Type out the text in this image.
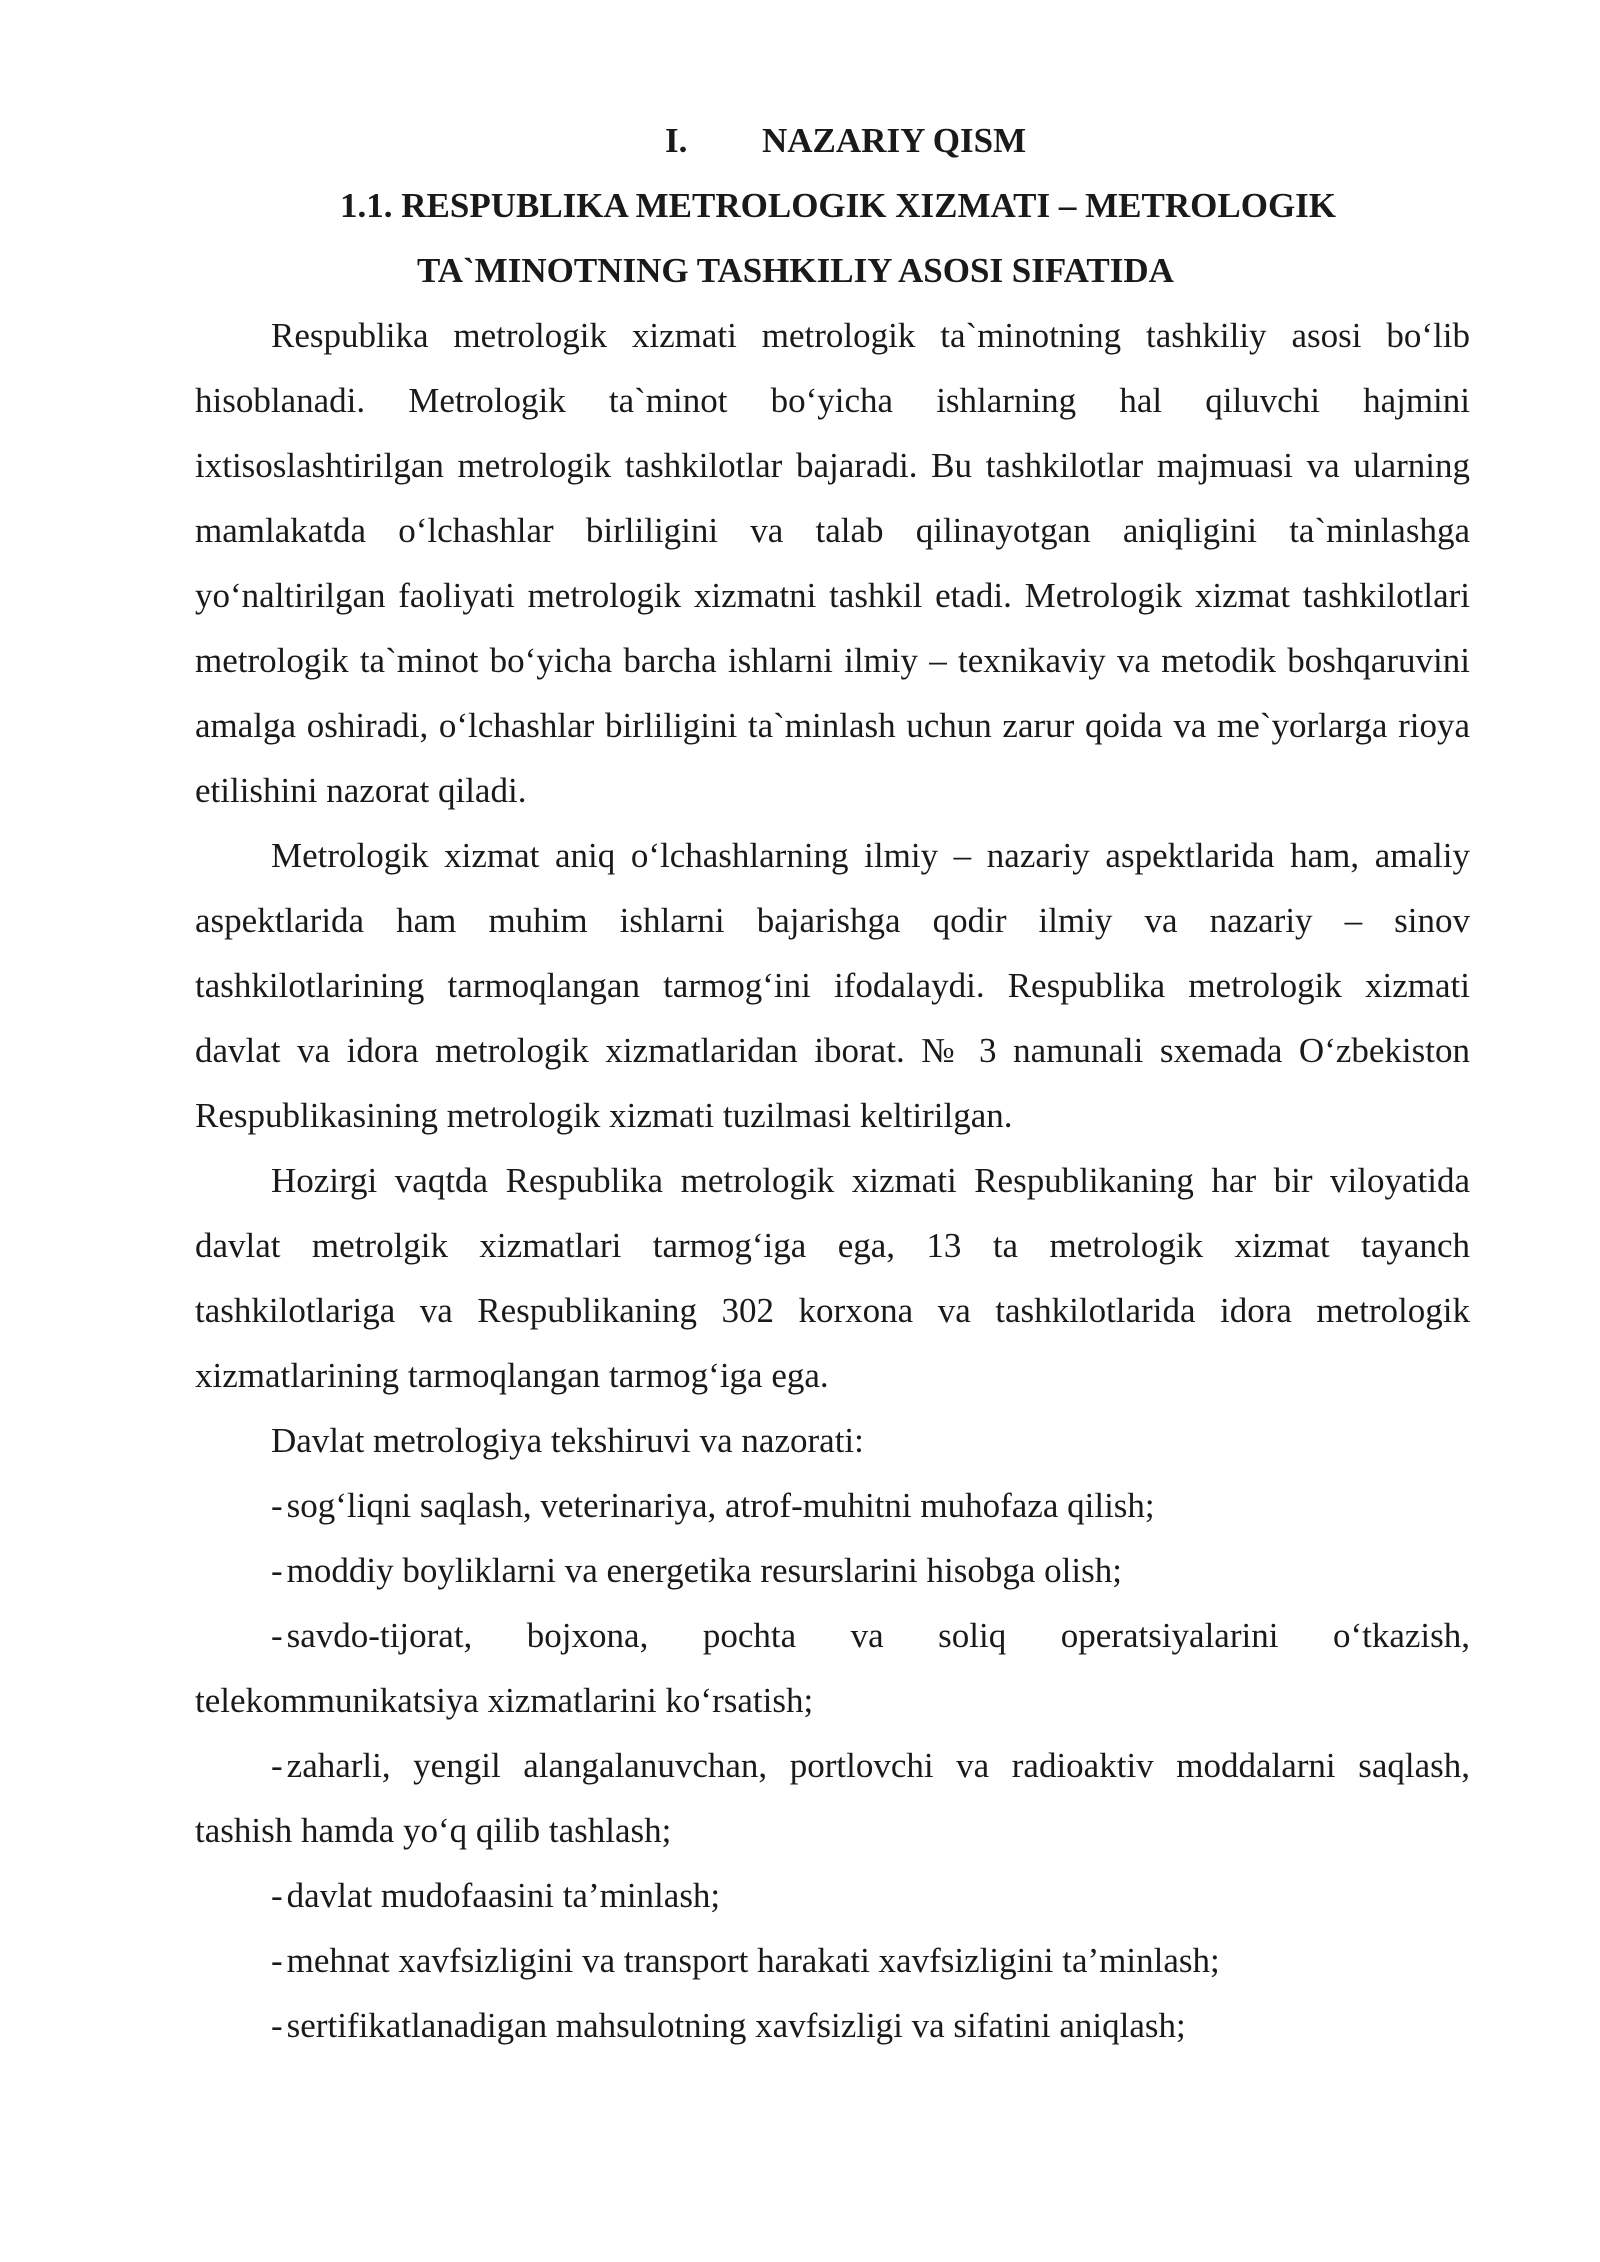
I. NAZARIY QISM
1.1. RESPUBLIKA METROLOGIK XIZMATI – METROLOGIK
TA`MINOTNING TASHKILIY ASOSI SIFATIDA

Respublika metrologik xizmati metrologik ta`minotning tashkiliy asosi bo‘lib hisoblanadi. Metrologik ta`minot bo‘yicha ishlarning hal qiluvchi hajmini ixtisoslashtirilgan metrologik tashkilotlar bajaradi. Bu tashkilotlar majmuasi va ularning mamlakatda o‘lchashlar birliligini va talab qilinayotgan aniqligini ta`minlashga yo‘naltirilgan faoliyati metrologik xizmatni tashkil etadi. Metrologik xizmat tashkilotlari metrologik ta`minot bo‘yicha barcha ishlarni ilmiy – texnikaviy va metodik boshqaruvini amalga oshiradi, o‘lchashlar birliligini ta`minlash uchun zarur qoida va me`yorlarga rioya etilishini nazorat qiladi.

Metrologik xizmat aniq o‘lchashlarning ilmiy – nazariy aspektlarida ham, amaliy aspektlarida ham muhim ishlarni bajarishga qodir ilmiy va nazariy – sinov tashkilotlarining tarmoqlangan tarmog‘ini ifodalaydi. Respublika metrologik xizmati davlat va idora metrologik xizmatlaridan iborat. № 3 namunali sxemada O‘zbekiston Respublikasining metrologik xizmati tuzilmasi keltirilgan.

Hozirgi vaqtda Respublika metrologik xizmati Respublikaning har bir viloyatida davlat metrolgik xizmatlari tarmog‘iga ega, 13 ta metrologik xizmat tayanch tashkilotlariga va Respublikaning 302 korxona va tashkilotlarida idora metrologik xizmatlarining tarmoqlangan tarmog‘iga ega.

Davlat metrologiya tekshiruvi va nazorati:

- sog‘liqni saqlash, veterinariya, atrof-muhitni muhofaza qilish;

- moddiy boyliklarni va energetika resurslarini hisobga olish;

- savdo-tijorat, bojxona, pochta va soliq operatsiyalarini o‘tkazish, telekommunikatsiya xizmatlarini ko‘rsatish;

- zaharli, yengil alangalanuvchan, portlovchi va radioaktiv moddalarni saqlash, tashish hamda yo‘q qilib tashlash;

- davlat mudofaasini ta’minlash;

- mehnat xavfsizligini va transport harakati xavfsizligini ta’minlash;

- sertifikatlanadigan mahsulotning xavfsizligi va sifatini aniqlash;
